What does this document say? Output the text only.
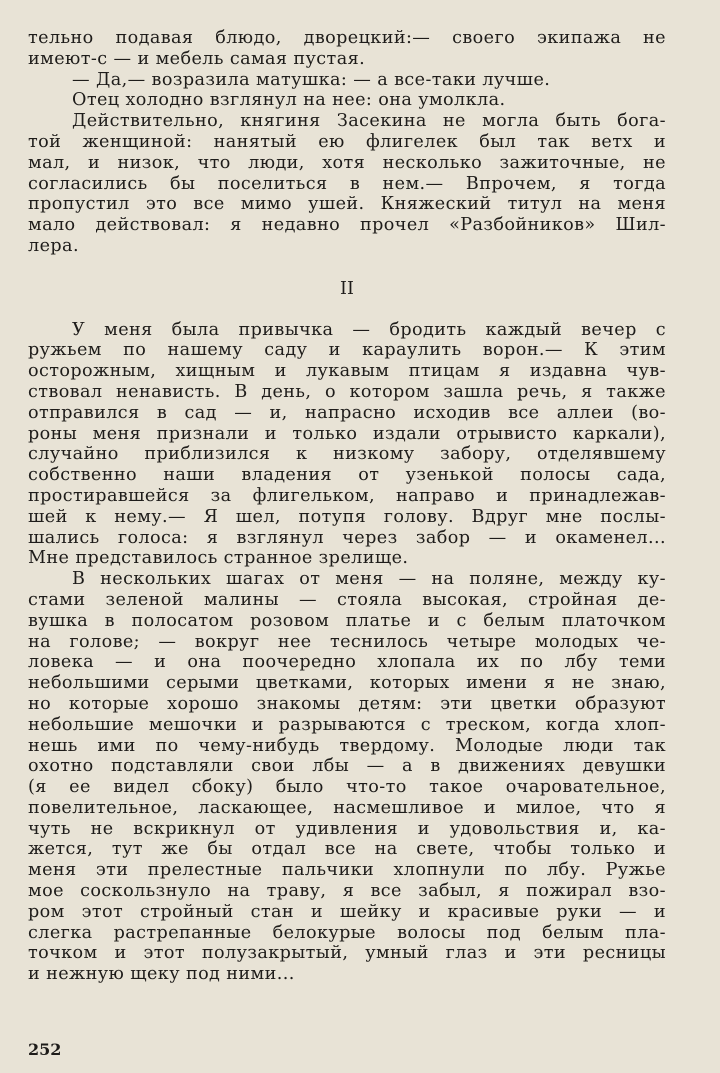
тельно подавая блюдо, дворецкий:— своего экипажа не
имеют-с — и мебель самая пустая.
— Да,— возразила матушка: — а все-таки лучше.
Отец холодно взглянул на нее: она умолкла.
Действительно, княгиня Засекина не могла быть бога-
той женщиной: нанятый ею флигелек был так ветх и
мал, и низок, что люди, хотя несколько зажиточные, не
согласились бы поселиться в нем.— Впрочем, я тогда
пропустил это все мимо ушей. Княжеский титул на меня
мало действовал: я недавно прочел «Разбойников» Шил-
лера.
II
У меня была привычка — бродить каждый вечер с
ружьем по нашему саду и караулить ворон.— К этим
осторожным, хищным и лукавым птицам я издавна чув-
ствовал ненависть. В день, о котором зашла речь, я также
отправился в сад — и, напрасно исходив все аллеи (во-
роны меня признали и только издали отрывисто каркали),
случайно приблизился к низкому забору, отделявшему
собственно наши владения от узенькой полосы сада,
простиравшейся за флигельком, направо и принадлежав-
шей к нему.— Я шел, потупя голову. Вдруг мне послы-
шались голоса: я взглянул через забор — и окаменел...
Мне представилось странное зрелище.
В нескольких шагах от меня — на поляне, между ку-
стами зеленой малины — стояла высокая, стройная де-
вушка в полосатом розовом платье и с белым платочком
на голове; — вокруг нее теснилось четыре молодых че-
ловека — и она поочередно хлопала их по лбу теми
небольшими серыми цветками, которых имени я не знаю,
но которые хорошо знакомы детям: эти цветки образуют
небольшие мешочки и разрываются с треском, когда хлоп-
нешь ими по чему-нибудь твердому. Молодые люди так
охотно подставляли свои лбы — а в движениях девушки
(я ее видел сбоку) было что-то такое очаровательное,
повелительное, ласкающее, насмешливое и милое, что я
чуть не вскрикнул от удивления и удовольствия и, ка-
жется, тут же бы отдал все на свете, чтобы только и
меня эти прелестные пальчики хлопнули по лбу. Ружье
мое соскользнуло на траву, я все забыл, я пожирал взо-
ром этот стройный стан и шейку и красивые руки — и
слегка растрепанные белокурые волосы под белым пла-
точком и этот полузакрытый, умный глаз и эти ресницы
и нежную щеку под ними...
252
